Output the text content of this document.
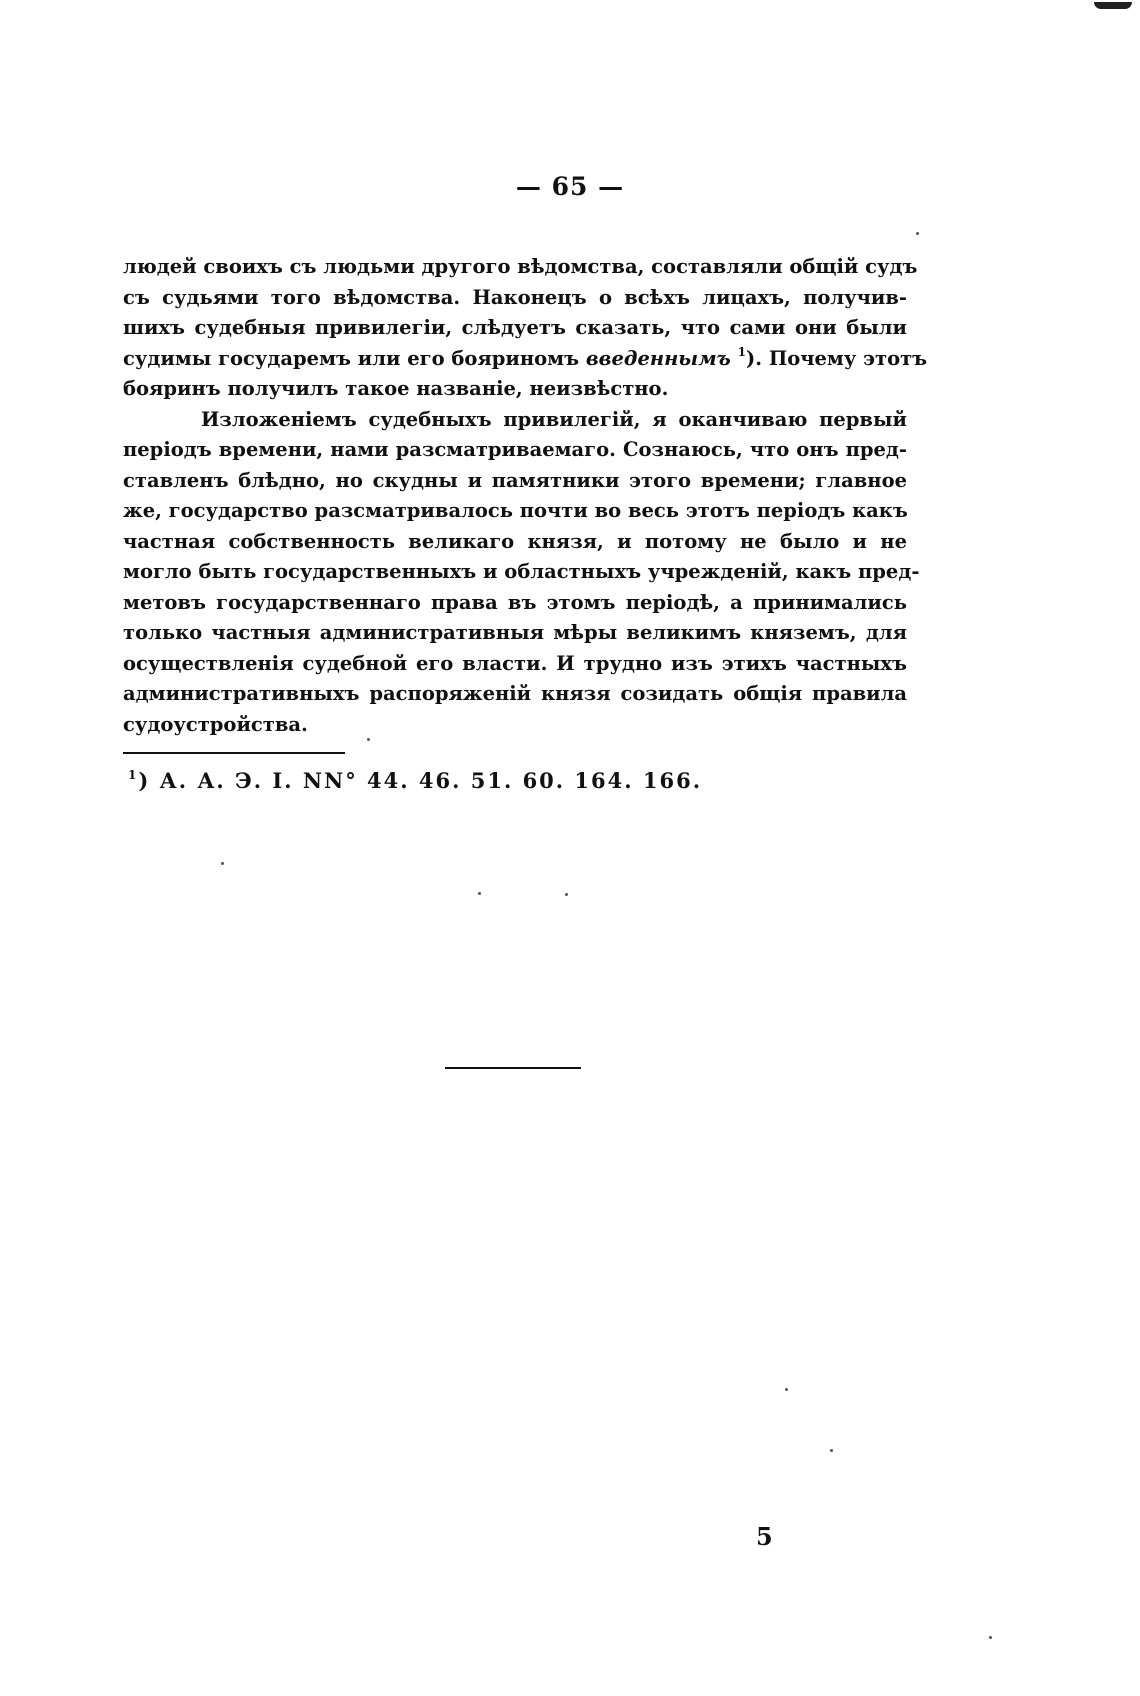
— 65 —
людей своихъ съ людьми другого вѣдомства, составляли общій судъ
съ судьями того вѣдомства. Наконецъ о всѣхъ лицахъ, получив-
шихъ судебныя привилегіи, слѣдуетъ сказать, что сами они были
судимы государемъ или его бояриномъ введеннымъ $^1$). Почему этотъ
бояринъ получилъ такое названіе, неизвѣстно.
Изложеніемъ судебныхъ привилегій, я оканчиваю первый
періодъ времени, нами разсматриваемаго. Сознаюсь, что онъ пред-
ставленъ блѣдно, но скудны и памятники этого времени; главное
же, государство разсматривалось почти во весь этотъ періодъ какъ
частная собственность великаго князя, и потому не было и не
могло быть государственныхъ и областныхъ учрежденій, какъ пред-
метовъ государственнаго права въ этомъ періодѣ, а принимались
только частныя административныя мѣры великимъ княземъ, для
осуществленія судебной его власти. И трудно изъ этихъ частныхъ
административныхъ распоряженій князя созидать общія правила
судоустройства.
$^1$) А. А. Э. I. NN° 44. 46. 51. 60. 164. 166.
5
